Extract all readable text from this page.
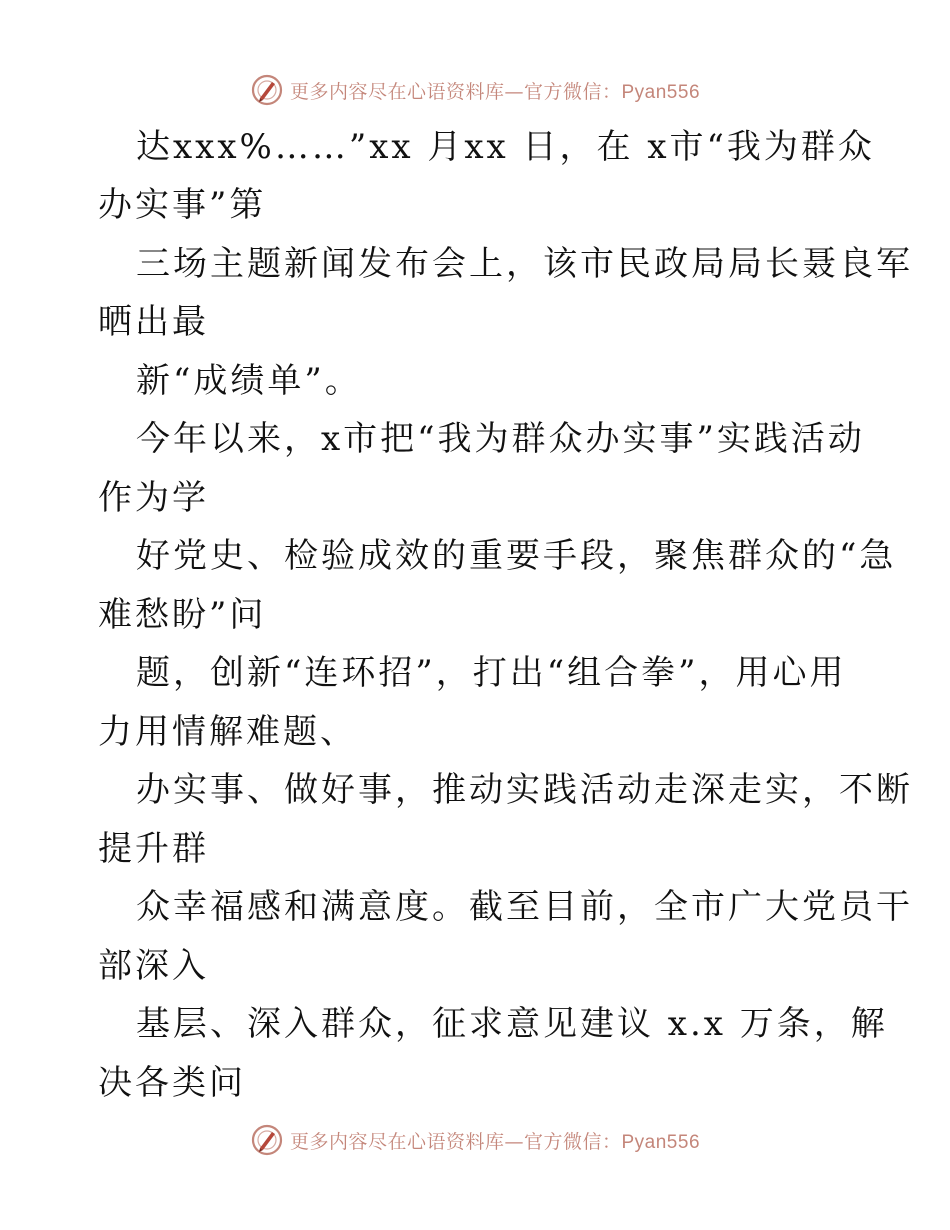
更多内容尽在心语资料库—官方微信：Pyan556
达xxx%……”xx 月xx 日，在 x市“我为群众
办实事”第
三场主题新闻发布会上，该市民政局局长聂良军
晒出最
新“成绩单”。
今年以来，x市把“我为群众办实事”实践活动
作为学
好党史、检验成效的重要手段，聚焦群众的“急
难愁盼”问
题，创新“连环招”，打出“组合拳”，用心用
力用情解难题、
办实事、做好事，推动实践活动走深走实，不断
提升群
众幸福感和满意度。截至目前，全市广大党员干
部深入
基层、深入群众，征求意见建议 x.x 万条，解
决各类问
更多内容尽在心语资料库—官方微信：Pyan556
